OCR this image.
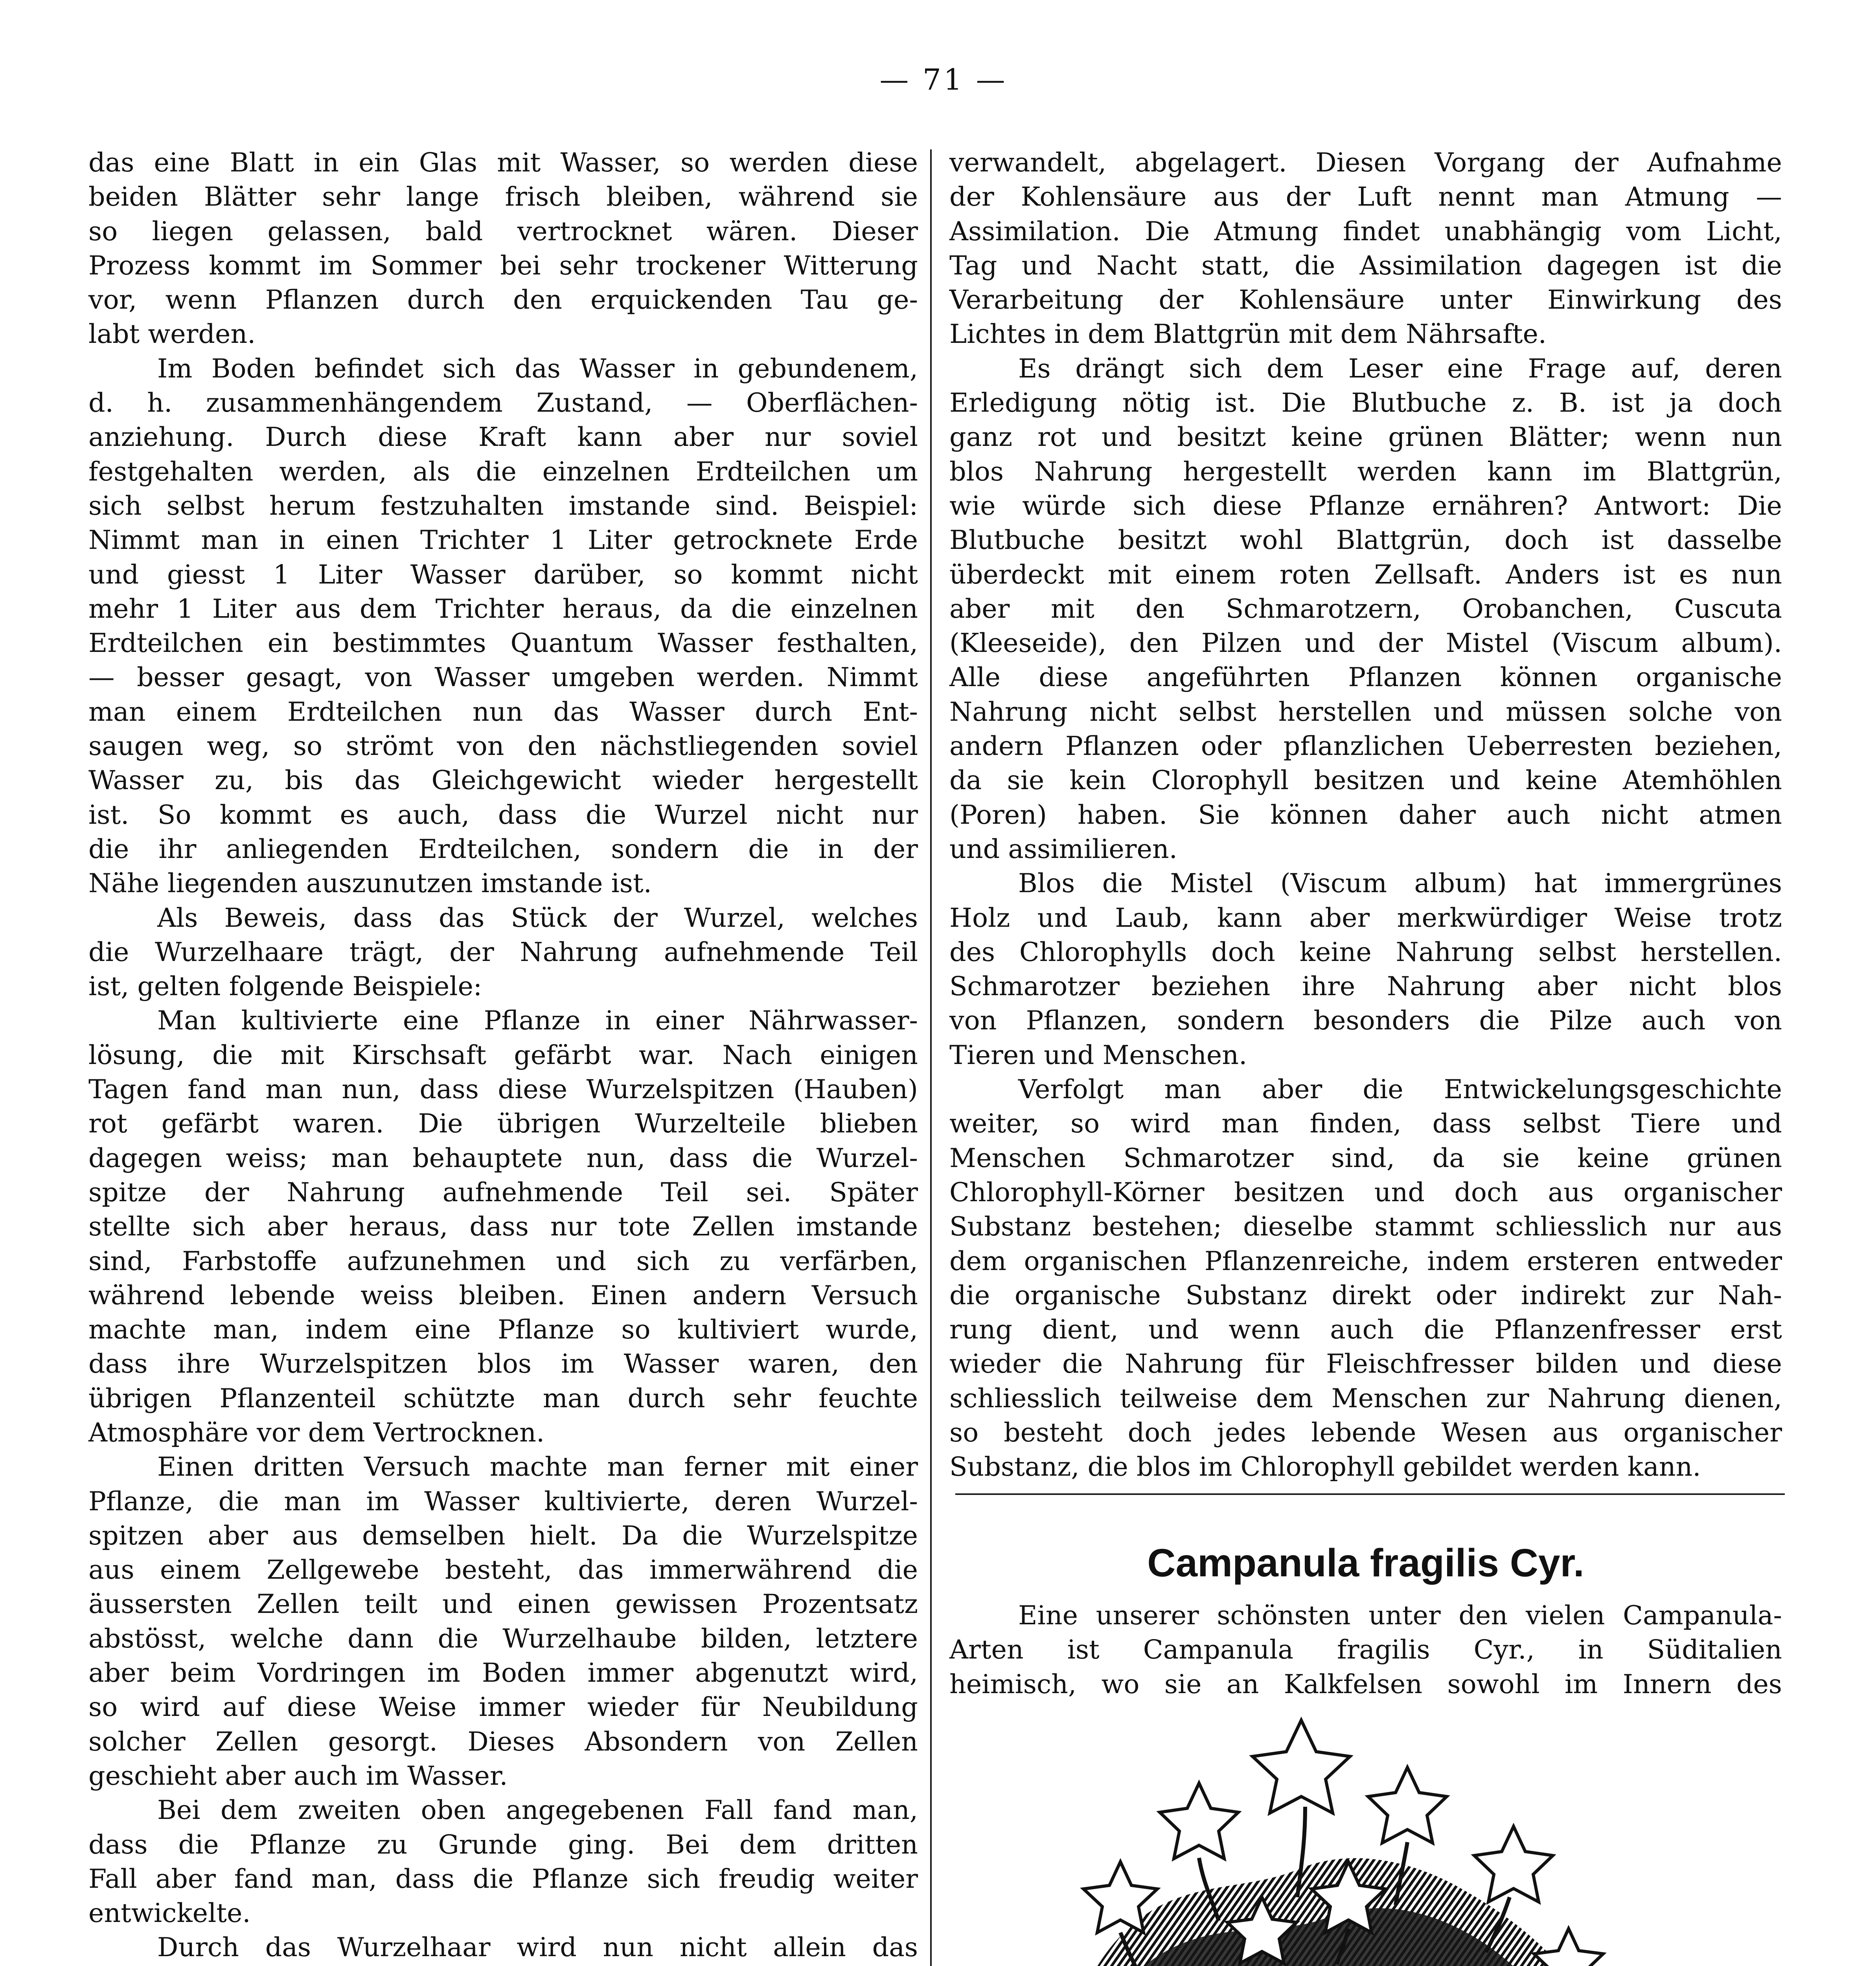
— 71 —
das eine Blatt in ein Glas mit Wasser, so werden diese
beiden Blätter sehr lange frisch bleiben, während sie
so liegen gelassen, bald vertrocknet wären. Dieser
Prozess kommt im Sommer bei sehr trockener Witterung
vor, wenn Pflanzen durch den erquickenden Tau ge-
labt werden.
Im Boden befindet sich das Wasser in gebundenem,
d. h. zusammenhängendem Zustand, — Oberflächen-
anziehung. Durch diese Kraft kann aber nur soviel
festgehalten werden, als die einzelnen Erdteilchen um
sich selbst herum festzuhalten imstande sind. Beispiel:
Nimmt man in einen Trichter 1 Liter getrocknete Erde
und giesst 1 Liter Wasser darüber, so kommt nicht
mehr 1 Liter aus dem Trichter heraus, da die einzelnen
Erdteilchen ein bestimmtes Quantum Wasser festhalten,
— besser gesagt, von Wasser umgeben werden. Nimmt
man einem Erdteilchen nun das Wasser durch Ent-
saugen weg, so strömt von den nächstliegenden soviel
Wasser zu, bis das Gleichgewicht wieder hergestellt
ist. So kommt es auch, dass die Wurzel nicht nur
die ihr anliegenden Erdteilchen, sondern die in der
Nähe liegenden auszunutzen imstande ist.
Als Beweis, dass das Stück der Wurzel, welches
die Wurzelhaare trägt, der Nahrung aufnehmende Teil
ist, gelten folgende Beispiele:
Man kultivierte eine Pflanze in einer Nährwasser-
lösung, die mit Kirschsaft gefärbt war. Nach einigen
Tagen fand man nun, dass diese Wurzelspitzen (Hauben)
rot gefärbt waren. Die übrigen Wurzelteile blieben
dagegen weiss; man behauptete nun, dass die Wurzel-
spitze der Nahrung aufnehmende Teil sei. Später
stellte sich aber heraus, dass nur tote Zellen imstande
sind, Farbstoffe aufzunehmen und sich zu verfärben,
während lebende weiss bleiben. Einen andern Versuch
machte man, indem eine Pflanze so kultiviert wurde,
dass ihre Wurzelspitzen blos im Wasser waren, den
übrigen Pflanzenteil schützte man durch sehr feuchte
Atmosphäre vor dem Vertrocknen.
Einen dritten Versuch machte man ferner mit einer
Pflanze, die man im Wasser kultivierte, deren Wurzel-
spitzen aber aus demselben hielt. Da die Wurzelspitze
aus einem Zellgewebe besteht, das immerwährend die
äussersten Zellen teilt und einen gewissen Prozentsatz
abstösst, welche dann die Wurzelhaube bilden, letztere
aber beim Vordringen im Boden immer abgenutzt wird,
so wird auf diese Weise immer wieder für Neubildung
solcher Zellen gesorgt. Dieses Absondern von Zellen
geschieht aber auch im Wasser.
Bei dem zweiten oben angegebenen Fall fand man,
dass die Pflanze zu Grunde ging. Bei dem dritten
Fall aber fand man, dass die Pflanze sich freudig weiter
entwickelte.
Durch das Wurzelhaar wird nun nicht allein das
verwandelt, abgelagert. Diesen Vorgang der Aufnahme
der Kohlensäure aus der Luft nennt man Atmung —
Assimilation. Die Atmung findet unabhängig vom Licht,
Tag und Nacht statt, die Assimilation dagegen ist die
Verarbeitung der Kohlensäure unter Einwirkung des
Lichtes in dem Blattgrün mit dem Nährsafte.
Es drängt sich dem Leser eine Frage auf, deren
Erledigung nötig ist. Die Blutbuche z. B. ist ja doch
ganz rot und besitzt keine grünen Blätter; wenn nun
blos Nahrung hergestellt werden kann im Blattgrün,
wie würde sich diese Pflanze ernähren? Antwort: Die
Blutbuche besitzt wohl Blattgrün, doch ist dasselbe
überdeckt mit einem roten Zellsaft. Anders ist es nun
aber mit den Schmarotzern, Orobanchen, Cuscuta
(Kleeseide), den Pilzen und der Mistel (Viscum album).
Alle diese angeführten Pflanzen können organische
Nahrung nicht selbst herstellen und müssen solche von
andern Pflanzen oder pflanzlichen Ueberresten beziehen,
da sie kein Clorophyll besitzen und keine Atemhöhlen
(Poren) haben. Sie können daher auch nicht atmen
und assimilieren.
Blos die Mistel (Viscum album) hat immergrünes
Holz und Laub, kann aber merkwürdiger Weise trotz
des Chlorophylls doch keine Nahrung selbst herstellen.
Schmarotzer beziehen ihre Nahrung aber nicht blos
von Pflanzen, sondern besonders die Pilze auch von
Tieren und Menschen.
Verfolgt man aber die Entwickelungsgeschichte
weiter, so wird man finden, dass selbst Tiere und
Menschen Schmarotzer sind, da sie keine grünen
Chlorophyll-Körner besitzen und doch aus organischer
Substanz bestehen; dieselbe stammt schliesslich nur aus
dem organischen Pflanzenreiche, indem ersteren entweder
die organische Substanz direkt oder indirekt zur Nah-
rung dient, und wenn auch die Pflanzenfresser erst
wieder die Nahrung für Fleischfresser bilden und diese
schliesslich teilweise dem Menschen zur Nahrung dienen,
so besteht doch jedes lebende Wesen aus organischer
Substanz, die blos im Chlorophyll gebildet werden kann.
Campanula fragilis Cyr.
Eine unserer schönsten unter den vielen Campanula-
Arten ist Campanula fragilis Cyr., in Süditalien
heimisch, wo sie an Kalkfelsen sowohl im Innern des
